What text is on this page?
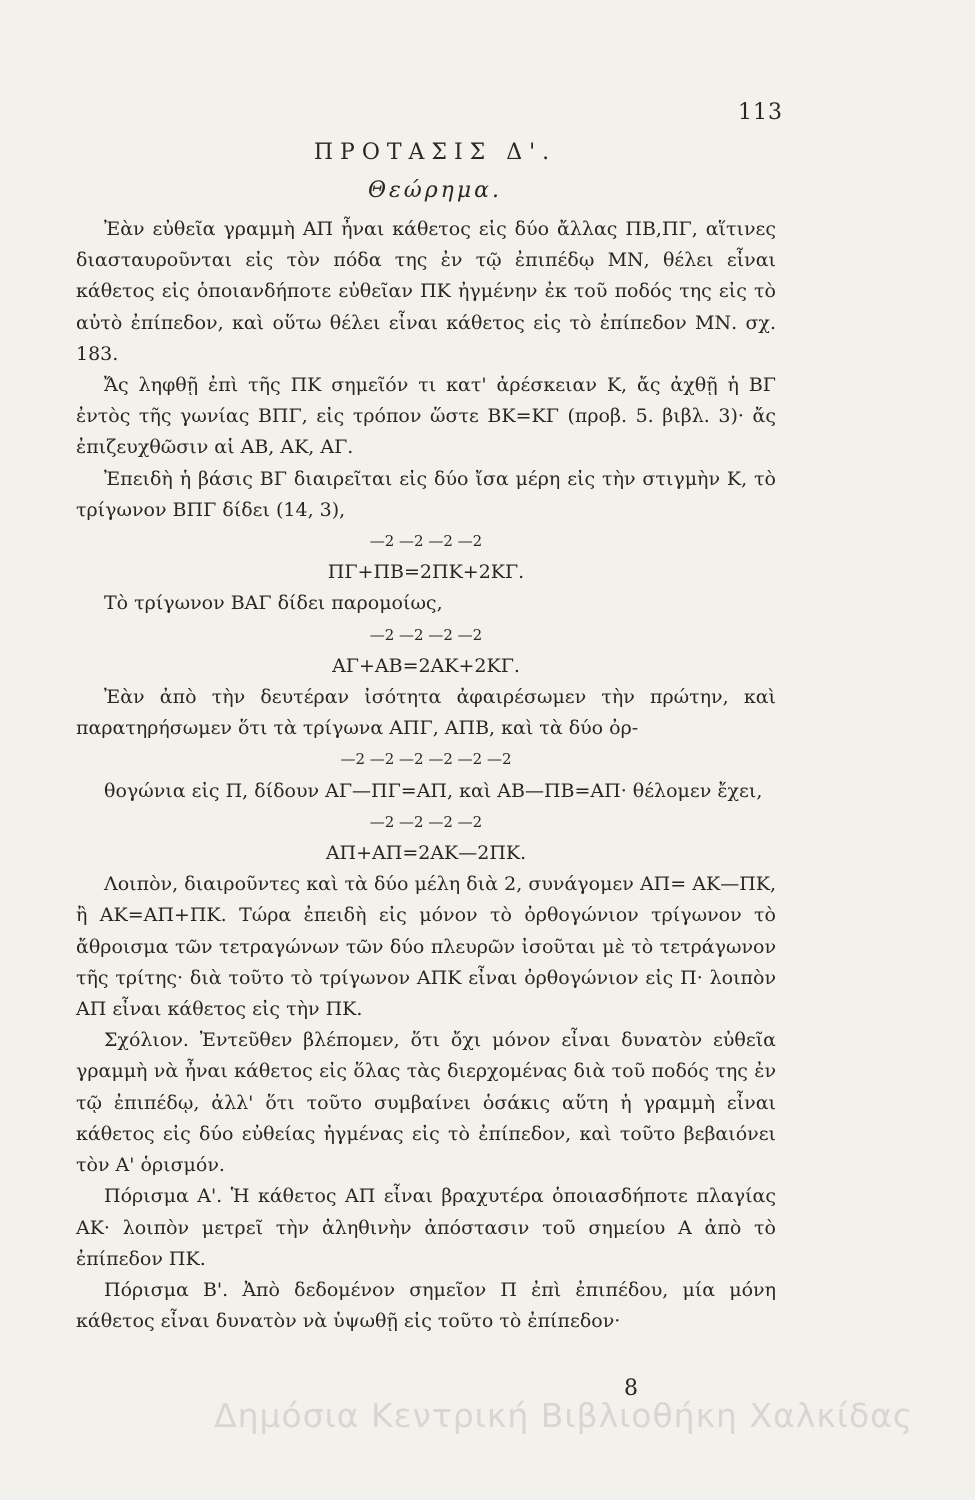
113
ΠΡΟΤΑΣΙΣ Δ'.
Θεώρημα.

Ἐὰν εὐθεῖα γραμμὴ ΑΠ ἦναι κάθετος εἰς δύο ἄλλας ΠΒ,ΠΓ, αἵτινες διασταυροῦνται εἰς τὸν πόδα της ἐν τῷ ἐπιπέδῳ ΜΝ, θέλει εἶναι κάθετος εἰς ὁποιανδήποτε εὐθεῖαν ΠΚ ἠγμένην ἐκ τοῦ ποδός της εἰς τὸ αὐτὸ ἐπίπεδον, καὶ οὕτω θέλει εἶναι κάθετος εἰς τὸ ἐπίπεδον ΜΝ. σχ. 183.

Ἄς ληφθῇ ἐπὶ τῆς ΠΚ σημεῖόν τι κατ' ἀρέσκειαν Κ, ἄς ἀχθῇ ἡ ΒΓ ἐντὸς τῆς γωνίας ΒΠΓ, εἰς τρόπον ὥστε ΒΚ=ΚΓ (προβ. 5. βιβλ. 3)· ἄς ἐπιζευχθῶσιν αἱ ΑΒ, ΑΚ, ΑΓ.

Ἐπειδὴ ἡ βάσις ΒΓ διαιρεῖται εἰς δύο ἴσα μέρη εἰς τὴν στιγμὴν Κ, τὸ τρίγωνον ΒΠΓ δίδει (14, 3),

—2 —2 —2 —2

ΠΓ+ΠΒ=2ΠΚ+2ΚΓ.

Τὸ τρίγωνον ΒΑΓ δίδει παρομοίως,

—2 —2 —2 —2

ΑΓ+ΑΒ=2ΑΚ+2ΚΓ.

Ἐὰν ἀπὸ τὴν δευτέραν ἰσότητα ἀφαιρέσωμεν τὴν πρώτην, καὶ παρατηρήσωμεν ὅτι τὰ τρίγωνα ΑΠΓ, ΑΠΒ, καὶ τὰ δύο ὀρ-

—2 —2 —2 —2 —2 —2

θογώνια εἰς Π, δίδουν ΑΓ—ΠΓ=ΑΠ, καὶ ΑΒ—ΠΒ=ΑΠ· θέλομεν ἔχει,

—2 —2 —2 —2

ΑΠ+ΑΠ=2ΑΚ—2ΠΚ.

Λοιπὸν, διαιροῦντες καὶ τὰ δύο μέλη διὰ 2, συνάγομεν ΑΠ= ΑΚ—ΠΚ, ἢ ΑΚ=ΑΠ+ΠΚ. Τώρα ἐπειδὴ εἰς μόνον τὸ ὀρθογώνιον τρίγωνον τὸ ἄθροισμα τῶν τετραγώνων τῶν δύο πλευρῶν ἰσοῦται μὲ τὸ τετράγωνον τῆς τρίτης· διὰ τοῦτο τὸ τρίγωνον ΑΠΚ εἶναι ὀρθογώνιον εἰς Π· λοιπὸν ΑΠ εἶναι κάθετος εἰς τὴν ΠΚ.

Σχόλιον. Ἐντεῦθεν βλέπομεν, ὅτι ὄχι μόνον εἶναι δυνατὸν εὐθεῖα γραμμὴ νὰ ἦναι κάθετος εἰς ὅλας τὰς διερχομένας διὰ τοῦ ποδός της ἐν τῷ ἐπιπέδῳ, ἀλλ' ὅτι τοῦτο συμβαίνει ὁσάκις αὕτη ἡ γραμμὴ εἶναι κάθετος εἰς δύο εὐθείας ἠγμένας εἰς τὸ ἐπίπεδον, καὶ τοῦτο βεβαιόνει τὸν Α' ὁρισμόν.

Πόρισμα Α'. Ἡ κάθετος ΑΠ εἶναι βραχυτέρα ὁποιασδήποτε πλαγίας ΑΚ· λοιπὸν μετρεῖ τὴν ἀληθινὴν ἀπόστασιν τοῦ σημείου Α ἀπὸ τὸ ἐπίπεδον ΠΚ.

Πόρισμα Β'. Ἀπὸ δεδομένον σημεῖον Π ἐπὶ ἐπιπέδου, μία μόνη κάθετος εἶναι δυνατὸν νὰ ὑψωθῇ εἰς τοῦτο τὸ ἐπίπεδον·

8
Δημόσια Κεντρική Βιβλιοθήκη Χαλκίδας
